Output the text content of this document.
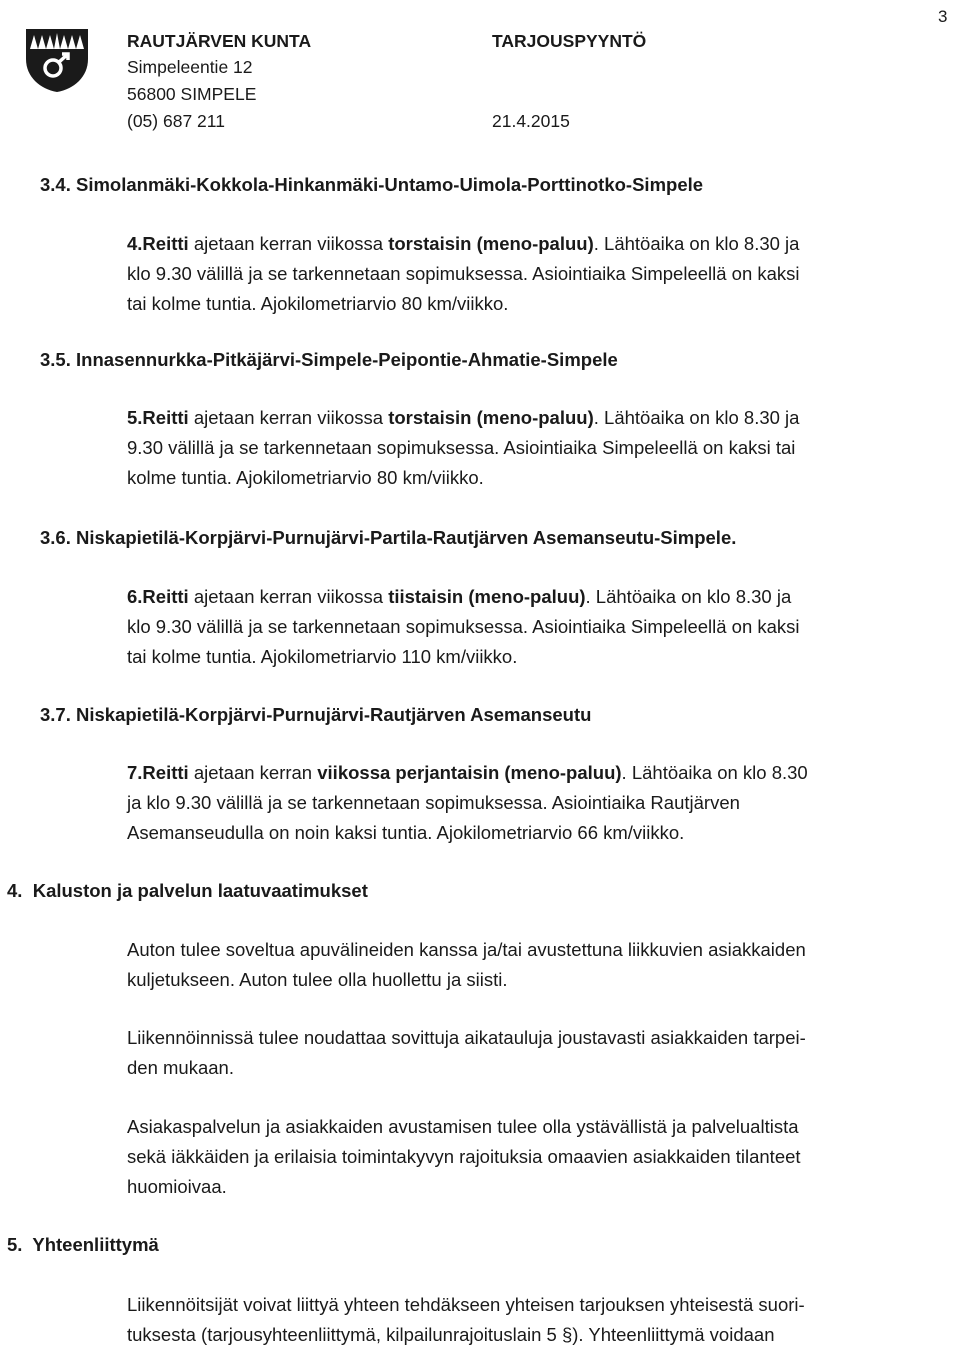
RAUTJÄRVEN KUNTA
Simpeleentie 12
56800 SIMPELE
(05) 687 211
TARJOUSPYYNTÖ
21.4.2015
3
3.4. Simolanmäki-Kokkola-Hinkanmäki-Untamo-Uimola-Porttinotko-Simpele
4.Reitti ajetaan kerran viikossa torstaisin (meno-paluu). Lähtöaika on klo 8.30 ja
klo 9.30 välillä ja se tarkennetaan sopimuksessa. Asiointiaika Simpeleellä on kaksi
tai kolme tuntia. Ajokilometriarvio 80 km/viikko.
3.5. Innasennurkka-Pitkäjärvi-Simpele-Peipontie-Ahmatie-Simpele
5.Reitti ajetaan kerran viikossa torstaisin (meno-paluu). Lähtöaika on klo 8.30 ja
9.30 välillä ja se tarkennetaan sopimuksessa. Asiointiaika Simpeleellä on kaksi tai
kolme tuntia. Ajokilometriarvio 80 km/viikko.
3.6. Niskapietilä-Korpjärvi-Purnujärvi-Partila-Rautjärven Asemanseutu-Simpele.
6.Reitti ajetaan kerran viikossa tiistaisin (meno-paluu). Lähtöaika on klo 8.30 ja
klo 9.30 välillä ja se tarkennetaan sopimuksessa. Asiointiaika Simpeleellä on kaksi
tai kolme tuntia. Ajokilometriarvio 110 km/viikko.
3.7. Niskapietilä-Korpjärvi-Purnujärvi-Rautjärven Asemanseutu
7.Reitti ajetaan kerran viikossa perjantaisin (meno-paluu). Lähtöaika on klo 8.30
ja klo 9.30 välillä ja se tarkennetaan sopimuksessa. Asiointiaika Rautjärven
Asemanseudulla on noin kaksi tuntia. Ajokilometriarvio 66 km/viikko.
4.  Kaluston ja palvelun laatuvaatimukset
Auton tulee soveltua apuvälineiden kanssa ja/tai avustettuna liikkuvien asiakkaiden
kuljetukseen. Auton tulee olla huollettu ja siisti.
Liikennöinnissä tulee noudattaa sovittuja aikatauluja joustavasti asiakkaiden tarpei-
den mukaan.
Asiakaspalvelun ja asiakkaiden avustamisen tulee olla ystävällistä ja palvelualtista
sekä iäkkäiden ja erilaisia toimintakyvyn rajoituksia omaavien asiakkaiden tilanteet
huomioivaa.
5.  Yhteenliittymä
Liikennöitsijät voivat liittyä yhteen tehdäkseen yhteisen tarjouksen yhteisestä suori-
tuksesta (tarjousyhteenliittymä, kilpailunrajoituslain 5 §). Yhteenliittymä voidaan
